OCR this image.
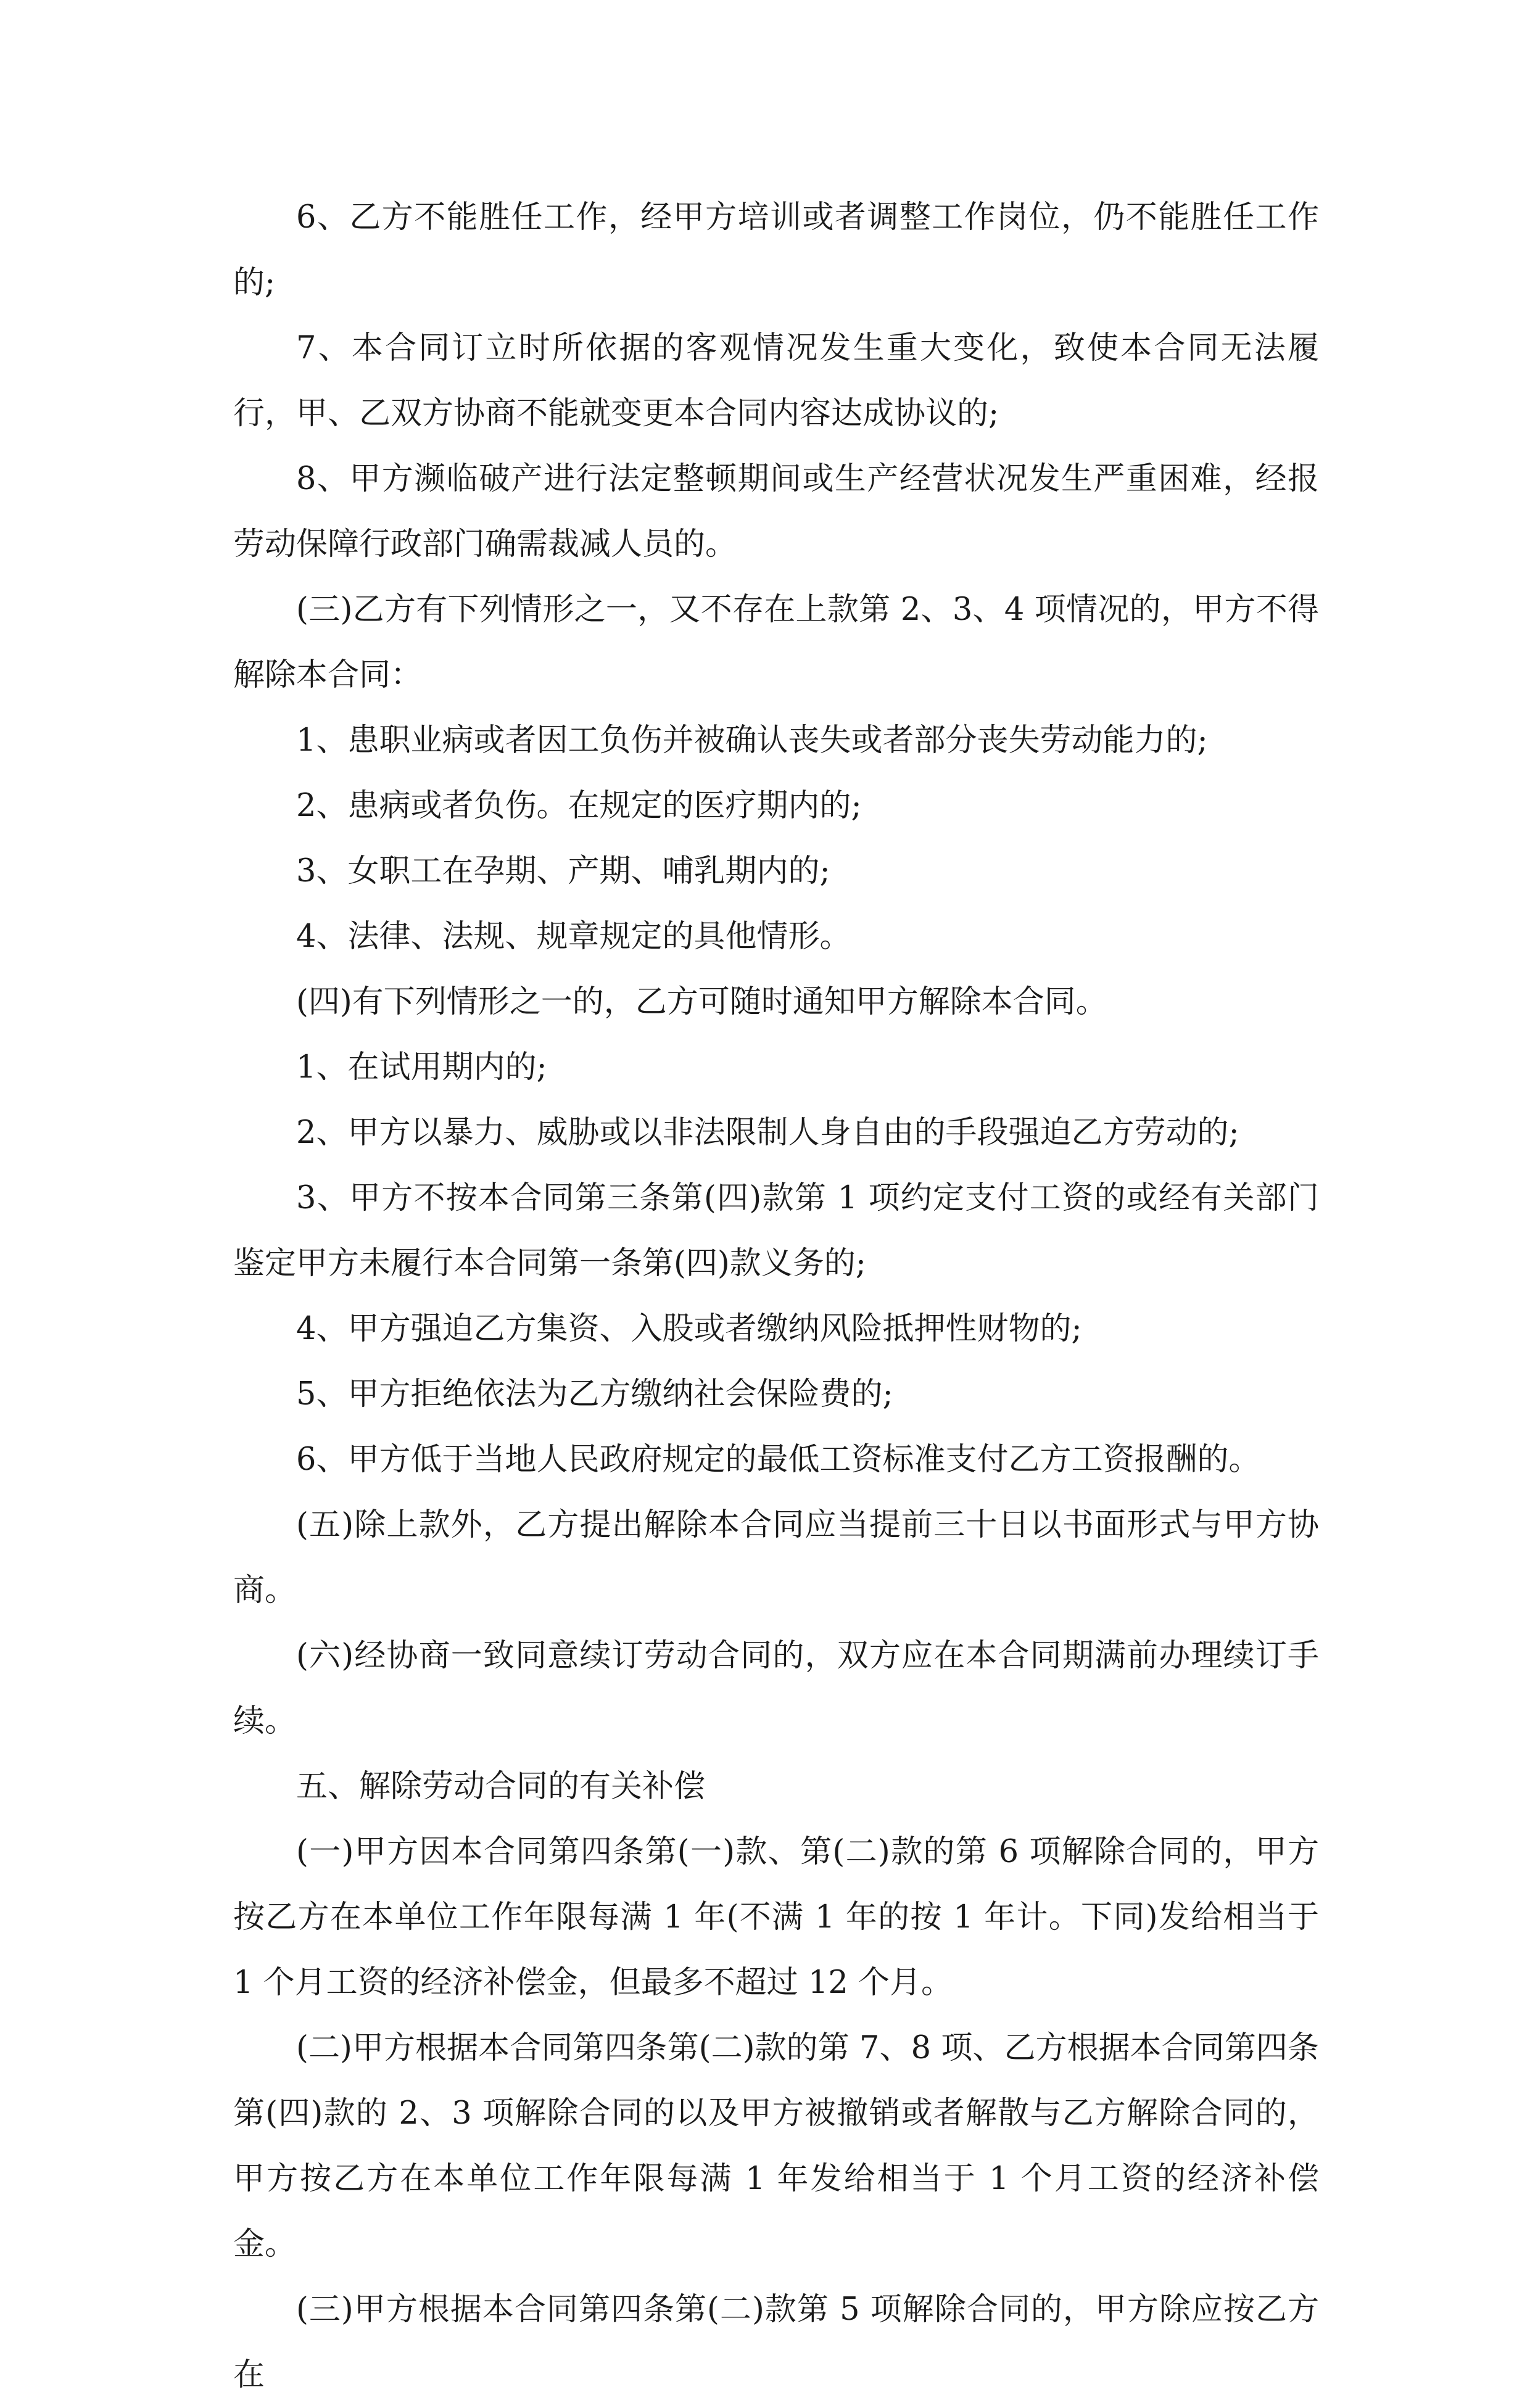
6、乙方不能胜任工作，经甲方培训或者调整工作岗位，仍不能胜任工作的;

7、本合同订立时所依据的客观情况发生重大变化，致使本合同无法履行，甲、乙双方协商不能就变更本合同内容达成协议的;

8、甲方濒临破产进行法定整顿期间或生产经营状况发生严重困难，经报劳动保障行政部门确需裁减人员的。

(三)乙方有下列情形之一，又不存在上款第 2、3、4 项情况的，甲方不得解除本合同：

1、患职业病或者因工负伤并被确认丧失或者部分丧失劳动能力的;

2、患病或者负伤。在规定的医疗期内的;

3、女职工在孕期、产期、哺乳期内的;

4、法律、法规、规章规定的具他情形。

(四)有下列情形之一的，乙方可随时通知甲方解除本合同。

1、在试用期内的;

2、甲方以暴力、威胁或以非法限制人身自由的手段强迫乙方劳动的;

3、甲方不按本合同第三条第(四)款第 1 项约定支付工资的或经有关部门鉴定甲方未履行本合同第一条第(四)款义务的;

4、甲方强迫乙方集资、入股或者缴纳风险抵押性财物的;

5、甲方拒绝依法为乙方缴纳社会保险费的;

6、甲方低于当地人民政府规定的最低工资标准支付乙方工资报酬的。

(五)除上款外，乙方提出解除本合同应当提前三十日以书面形式与甲方协商。

(六)经协商一致同意续订劳动合同的，双方应在本合同期满前办理续订手续。

五、解除劳动合同的有关补偿

(一)甲方因本合同第四条第(一)款、第(二)款的第 6 项解除合同的，甲方按乙方在本单位工作年限每满 1 年(不满 1 年的按 1 年计。下同)发给相当于 1 个月工资的经济补偿金，但最多不超过 12 个月。

(二)甲方根据本合同第四条第(二)款的第 7、8 项、乙方根据本合同第四条第(四)款的 2、3 项解除合同的以及甲方被撤销或者解散与乙方解除合同的，甲方按乙方在本单位工作年限每满 1 年发给相当于 1 个月工资的经济补偿金。

(三)甲方根据本合同第四条第(二)款第 5 项解除合同的，甲方除应按乙方在
